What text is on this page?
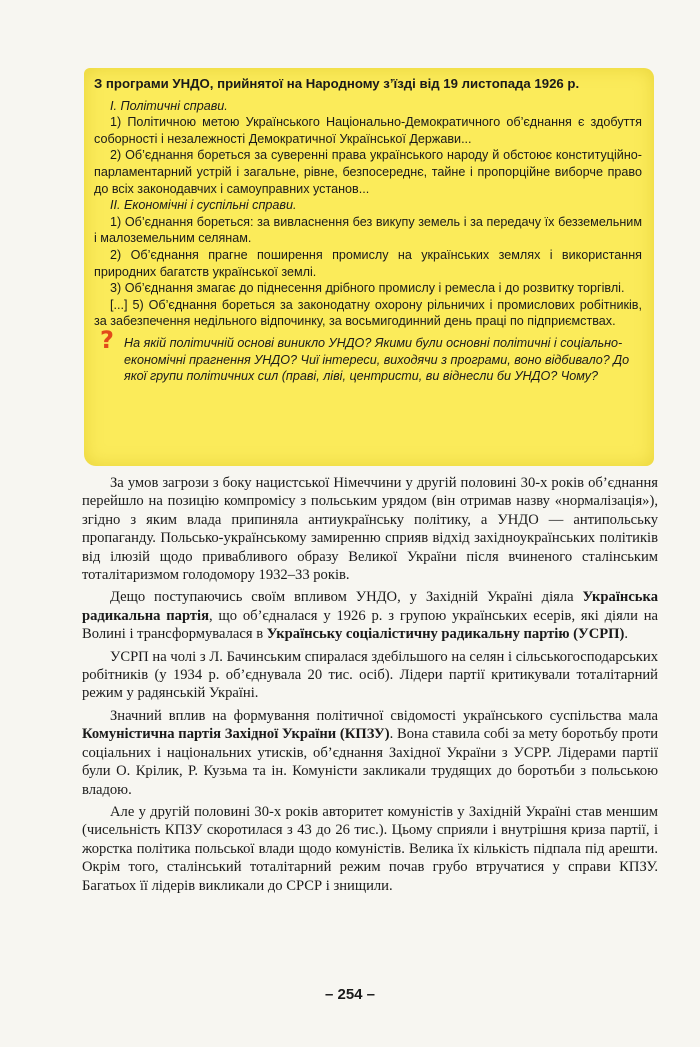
З програми УНДО, прийнятої на Народному з’їзді від 19 листопада 1926 р.
I. Політичні справи.
1) Політичною метою Українського Національно-Демократичного об’єднання є здобуття соборності і незалежності Демократичної Української Держави...
2) Об’єднання бореться за суверенні права українського народу й обстоює конституційно-парламентарний устрій і загальне, рівне, безпосереднє, тайне і пропорційне виборче право до всіх законодавчих і самоуправних установ...
II. Економічні і суспільні справи.
1) Об’єднання бореться: за вивласнення без викупу земель і за передачу їх безземельним і малоземельним селянам.
2) Об’єднання прагне поширення промислу на українських землях і використання природних багатств української землі.
3) Об’єднання змагає до піднесення дрібного промислу і ремесла і до розвитку торгівлі.
[...] 5) Об’єднання бореться за законодатну охорону рільничих і промислових робітників, за забезпечення недільного відпочинку, за восьмигодинний день праці по підприємствах.
? На якій політичній основі виникло УНДО? Якими були основні політичні і соціально-економічні прагнення УНДО? Чиї інтереси, виходячи з програми, воно відбивало? До якої групи політичних сил (праві, ліві, центристи, ви віднесли би УНДО? Чому?

За умов загрози з боку нацистської Німеччини у другій половині 30-х років об’єднання перейшло на позицію компромісу з польським урядом (він отримав назву «нормалізація»), згідно з яким влада припиняла антиукраїнську політику, а УНДО — антипольську пропаганду. Польсько-українському замиренню сприяв відхід західноукраїнських політиків від ілюзій щодо привабливого образу Великої України після вчиненого сталінським тоталітаризмом голодомору 1932–33 років.

Дещо поступаючись своїм впливом УНДО, у Західній Україні діяла Українська радикальна партія, що об’єдналася у 1926 р. з групою українських есерів, які діяли на Волині і трансформувалася в Українську соціалістичну радикальну партію (УСРП).

УСРП на чолі з Л. Бачинським спиралася здебільшого на селян і сільськогосподарських робітників (у 1934 р. об’єднувала 20 тис. осіб). Лідери партії критикували тоталітарний режим у радянській Україні.

Значний вплив на формування політичної свідомості українського суспільства мала Комуністична партія Західної України (КПЗУ). Вона ставила собі за мету боротьбу проти соціальних і національних утисків, об’єднання Західної України з УСРР. Лідерами партії були О. Крілик, Р. Кузьма та ін. Комуністи закликали трудящих до боротьби з польською владою.

Але у другій половині 30-х років авторитет комуністів у Західній Україні став меншим (чисельність КПЗУ скоротилася з 43 до 26 тис.). Цьому сприяли і внутрішня криза партії, і жорстка політика польської влади щодо комуністів. Велика їх кількість підпала під арешти. Окрім того, сталінський тоталітарний режим почав грубо втручатися у справи КПЗУ. Багатьох її лідерів викликали до СРСР і знищили.

– 254 –
